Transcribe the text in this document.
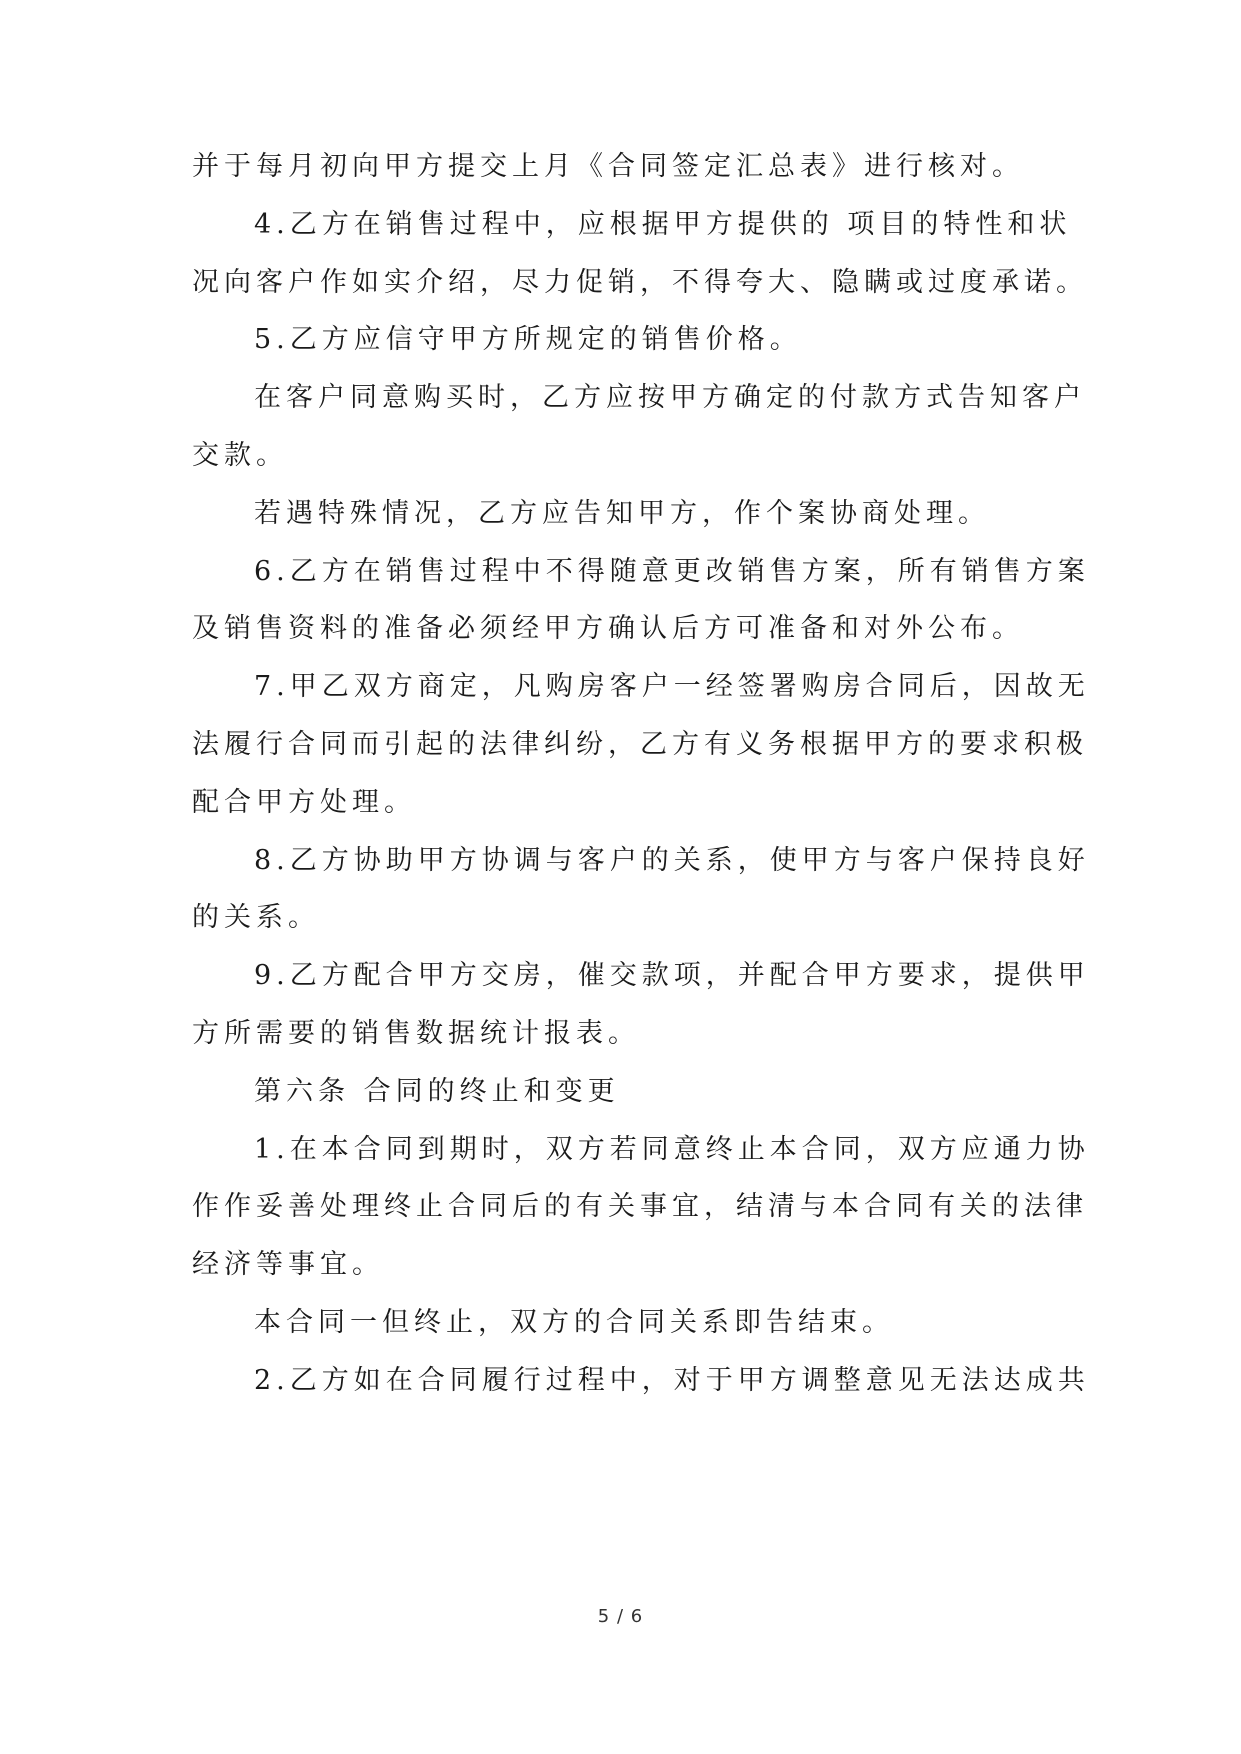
并于每月初向甲方提交上月《合同签定汇总表》进行核对。
4.乙方在销售过程中，应根据甲方提供的 项目的特性和状
况向客户作如实介绍，尽力促销，不得夸大、隐瞒或过度承诺。
5.乙方应信守甲方所规定的销售价格。
在客户同意购买时，乙方应按甲方确定的付款方式告知客户
交款。
若遇特殊情况，乙方应告知甲方，作个案协商处理。
6.乙方在销售过程中不得随意更改销售方案，所有销售方案
及销售资料的准备必须经甲方确认后方可准备和对外公布。
7.甲乙双方商定，凡购房客户一经签署购房合同后，因故无
法履行合同而引起的法律纠纷，乙方有义务根据甲方的要求积极
配合甲方处理。
8.乙方协助甲方协调与客户的关系，使甲方与客户保持良好
的关系。
9.乙方配合甲方交房，催交款项，并配合甲方要求，提供甲
方所需要的销售数据统计报表。
第六条 合同的终止和变更
1.在本合同到期时，双方若同意终止本合同，双方应通力协
作作妥善处理终止合同后的有关事宜，结清与本合同有关的法律
经济等事宜。
本合同一但终止，双方的合同关系即告结束。
2.乙方如在合同履行过程中，对于甲方调整意见无法达成共
5 / 6
